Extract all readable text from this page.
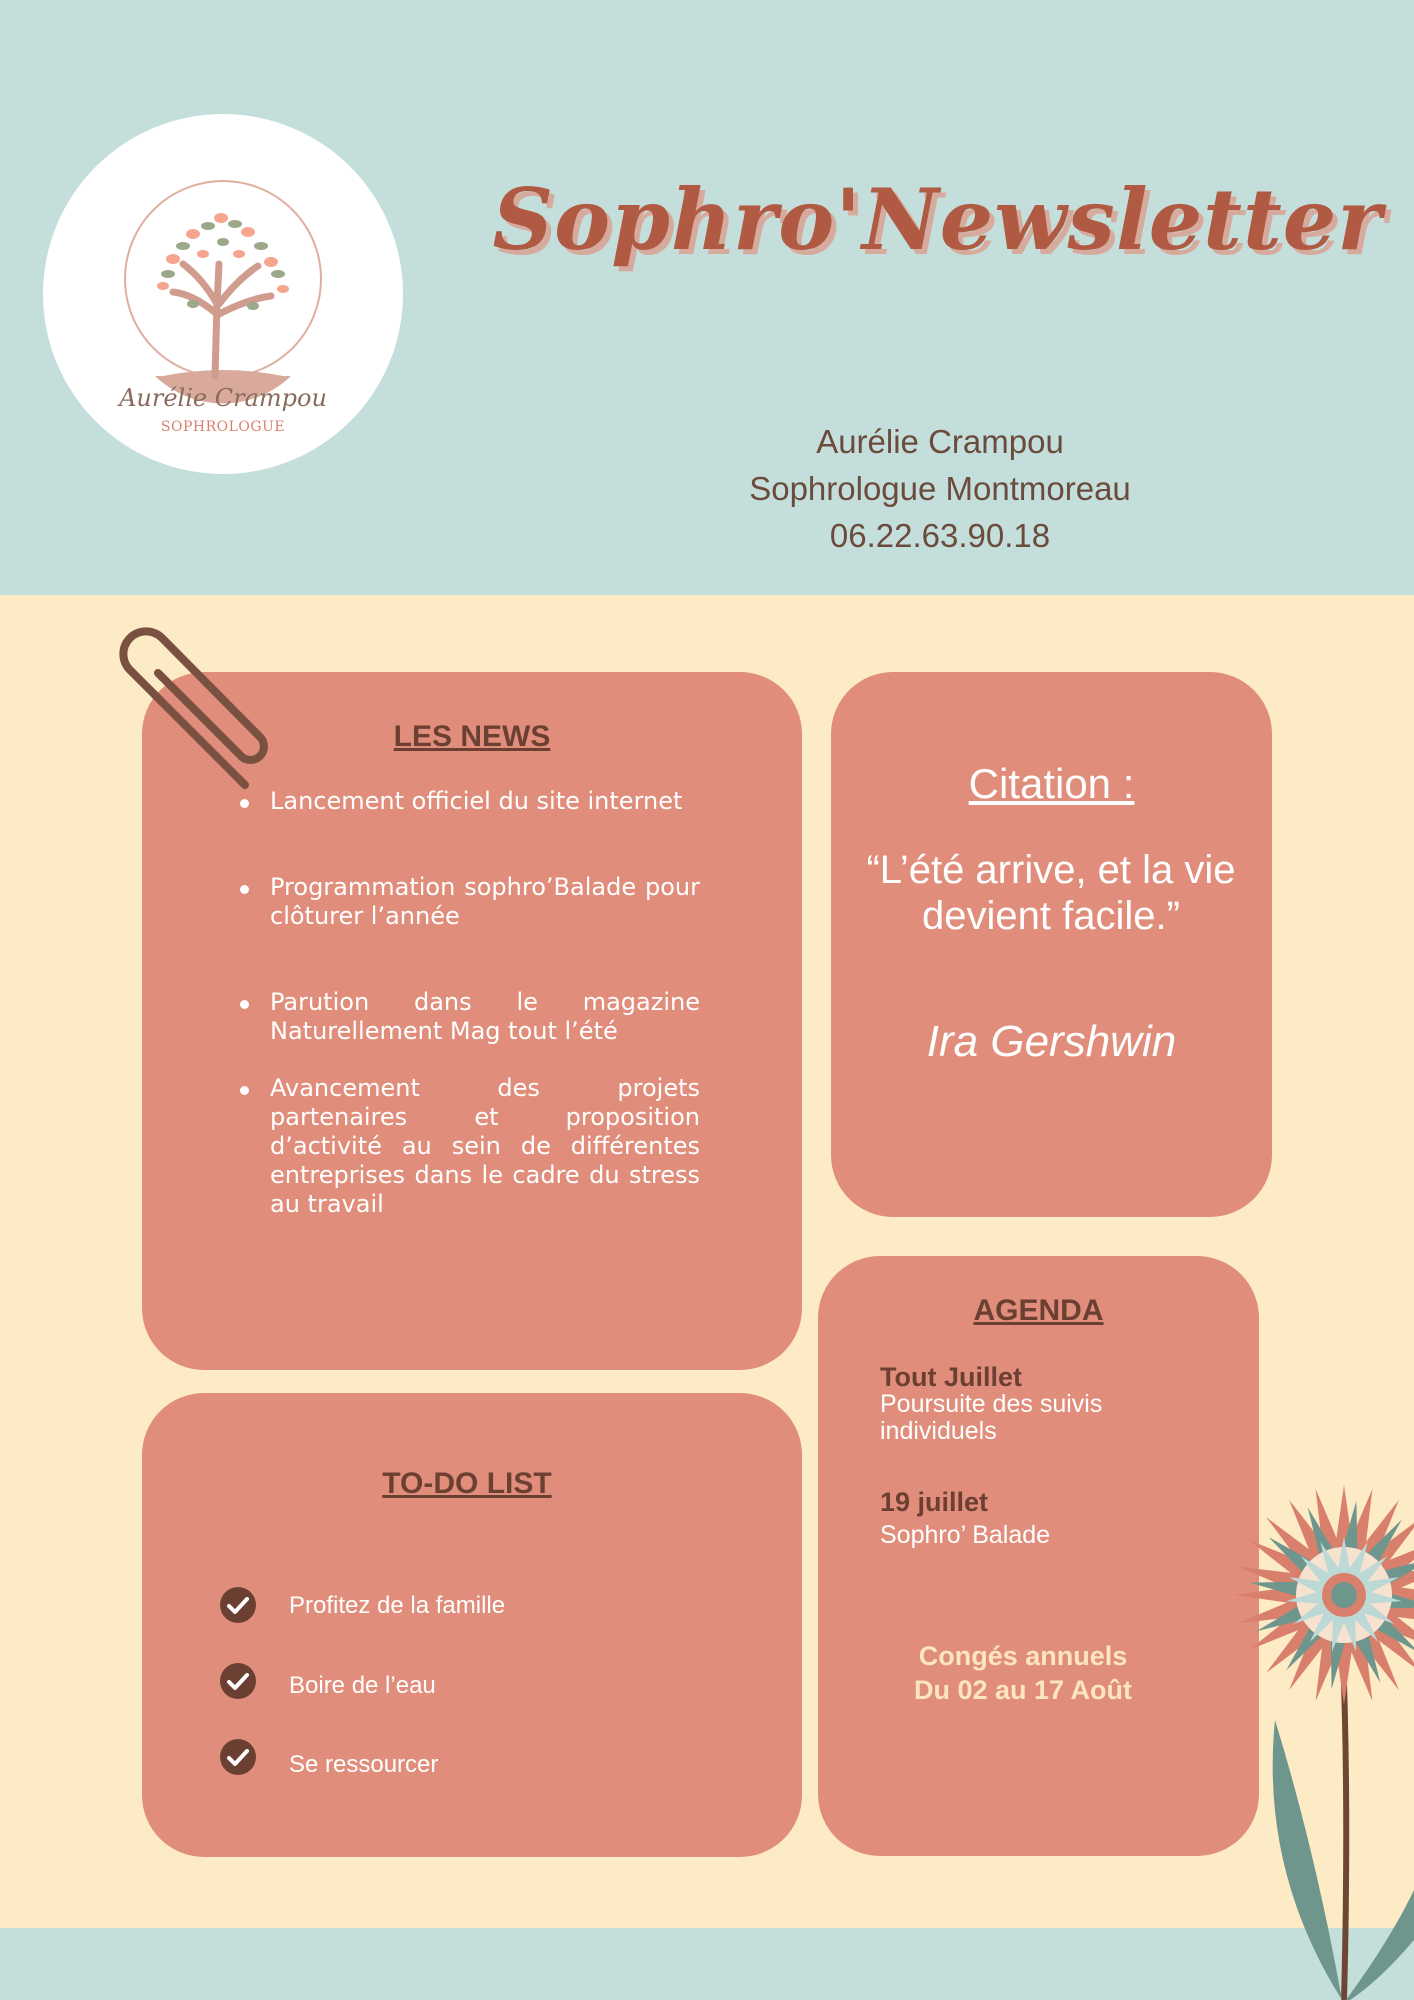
Aurélie Crampou
SOPHROLOGUE
Sophro'Newsletter
Aurélie Crampou
Sophrologue Montmoreau
06.22.63.90.18
LES NEWS
Lancement officiel du site internet
Programmation sophro’Balade pour clôturer l’année
Parution dans le magazine Naturellement Mag tout l’été
Avancement des projets partenaires et proposition d’activité au sein de différentes entreprises dans le cadre du stress au travail
Citation :
“L’été arrive, et la vie devient facile.”
Ira Gershwin
AGENDA
Tout Juillet
Poursuite des suivis individuels
19 juillet
Sophro’ Balade
Congés annuels
Du 02 au 17 Août
TO-DO LIST
Profitez de la famille
Boire de l’eau
Se ressourcer
